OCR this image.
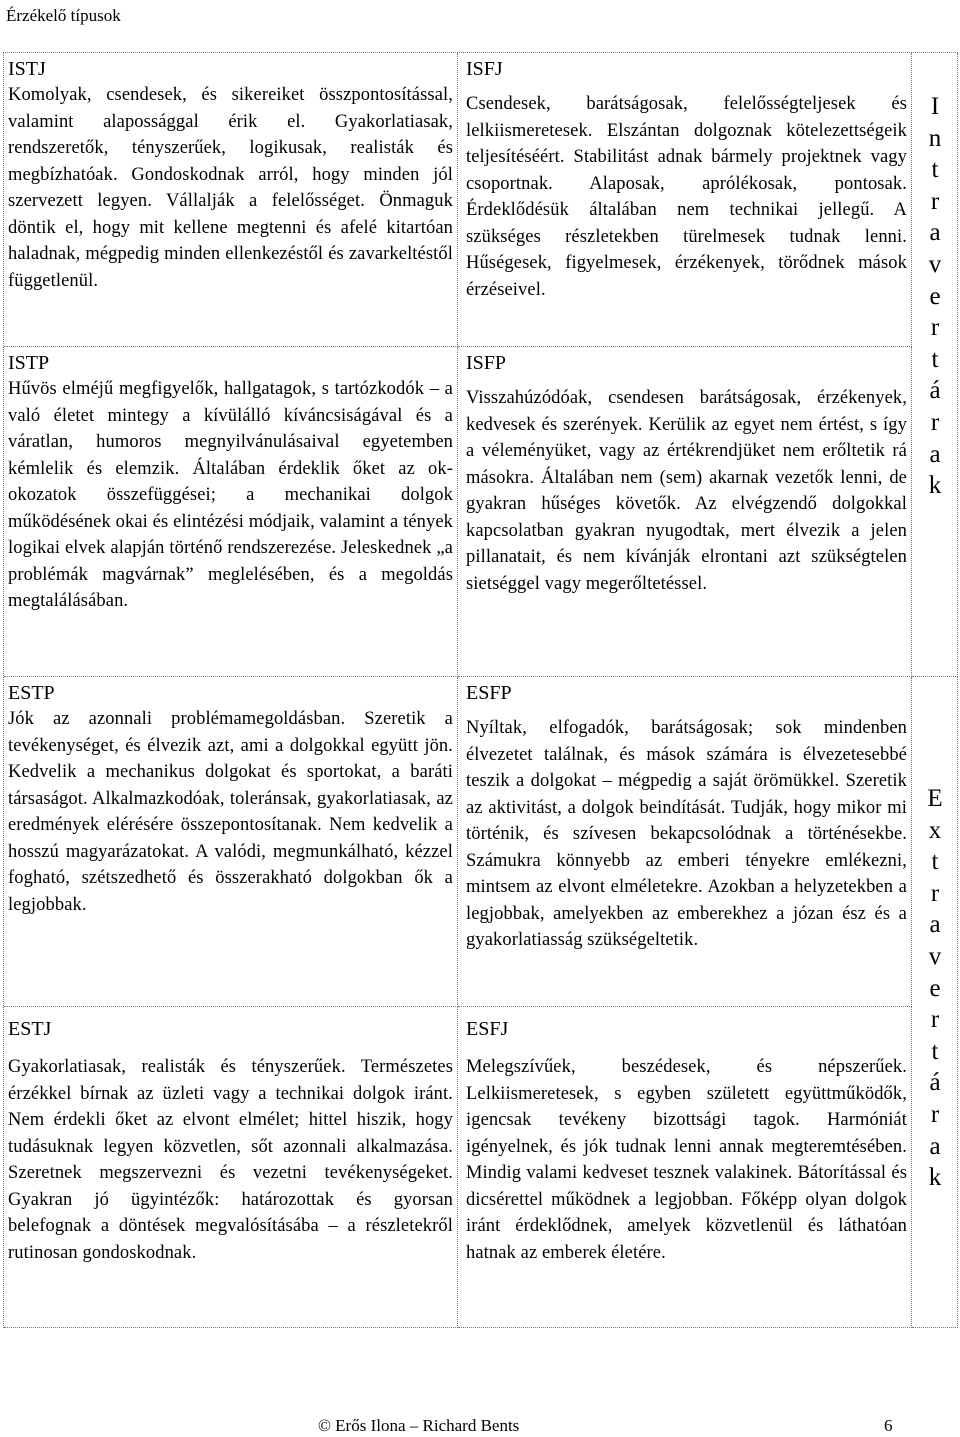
Érzékelő típusok
ISTJ

Komolyak, csendesek, és sikereiket összpontosítással, valamint alapossággal érik el. Gyakorlatiasak, rendszeretők, tényszerűek, logikusak, realisták és megbízhatóak. Gondoskodnak arról, hogy minden jól szervezett legyen. Vállalják a felelősséget. Önmaguk döntik el, hogy mit kellene megtenni és afelé kitartóan haladnak, mégpedig minden ellenkezéstől és zavarkeltéstől függetlenül.

ISFJ

Csendesek, barátságosak, felelősségteljesek és lelkiismeretesek. Elszántan dolgoznak kötelezettségeik teljesítéséért. Stabilitást adnak bármely projektnek vagy csoportnak. Alaposak, aprólékosak, pontosak. Érdeklődésük általában nem technikai jellegű. A szükséges részletekben türelmesek tudnak lenni. Hűségesek, figyelmesek, érzékenyek, törődnek mások érzéseivel.

ISTP

Hűvös elméjű megfigyelők, hallgatagok, s tartózkodók – a való életet mintegy a kívülálló kíváncsiságával és a váratlan, humoros megnyilvánulásaival egyetemben kémlelik és elemzik. Általában érdeklik őket az ok-okozatok összefüggései; a mechanikai dolgok működésének okai és elintézési módjaik, valamint a tények logikai elvek alapján történő rendszerezése. Jeleskednek „a problémák magvárnak” meglelésében, és a megoldás megtalálásában.

ISFP

Visszahúzódóak, csendesen barátságosak, érzékenyek, kedvesek és szerények. Kerülik az egyet nem értést, s így a véleményüket, vagy az értékrendjüket nem erőltetik rá másokra. Általában nem (sem) akarnak vezetők lenni, de gyakran hűséges követők. Az elvégzendő dolgokkal kapcsolatban gyakran nyugodtak, mert élvezik a jelen pillanatait, és nem kívánják elrontani azt szükségtelen sietséggel vagy megerőltetéssel.

ESTP

Jók az azonnali problémamegoldásban. Szeretik a tevékenységet, és élvezik azt, ami a dolgokkal együtt jön. Kedvelik a mechanikus dolgokat és sportokat, a baráti társaságot. Alkalmazkodóak, toleránsak, gyakorlatiasak, az eredmények elérésére összepontosítanak. Nem kedvelik a hosszú magyarázatokat. A valódi, megmunkálható, kézzel fogható, szétszedhető és összerakható dolgokban ők a legjobbak.

ESFP

Nyíltak, elfogadók, barátságosak; sok mindenben élvezetet találnak, és mások számára is élvezetesebbé teszik a dolgokat – mégpedig a saját örömükkel. Szeretik az aktivitást, a dolgok beindítását. Tudják, hogy mikor mi történik, és szívesen bekapcsolódnak a történésekbe. Számukra könnyebb az emberi tényekre emlékezni, mintsem az elvont elméletekre. Azokban a helyzetekben a legjobbak, amelyekben az emberekhez a józan ész és a gyakorlatiasság szükségeltetik.

ESTJ

Gyakorlatiasak, realisták és tényszerűek. Természetes érzékkel bírnak az üzleti vagy a technikai dolgok iránt. Nem érdekli őket az elvont elmélet; hittel hiszik, hogy tudásuknak legyen közvetlen, sőt azonnali alkalmazása. Szeretnek megszervezni és vezetni tevékenységeket. Gyakran jó ügyintézők: határozottak és gyorsan belefognak a döntések megvalósításába – a részletekről rutinosan gondoskodnak.

ESFJ

Melegszívűek, beszédesek, és népszerűek. Lelkiismeretesek, s egyben született együttműködők, igencsak tevékeny bizottsági tagok. Harmóniát igényelnek, és jók tudnak lenni annak megteremtésében. Mindig valami kedveset tesznek valakinek. Bátorítással és dicsérettel működnek a legjobban. Főképp olyan dolgok iránt érdeklődnek, amelyek közvetlenül és láthatóan hatnak az emberek életére.

I
n
t
r
a
v
e
r
t
á
r
a
k
E
x
t
r
a
v
e
r
t
á
r
a
k
© Erős Ilona – Richard Bents	6
